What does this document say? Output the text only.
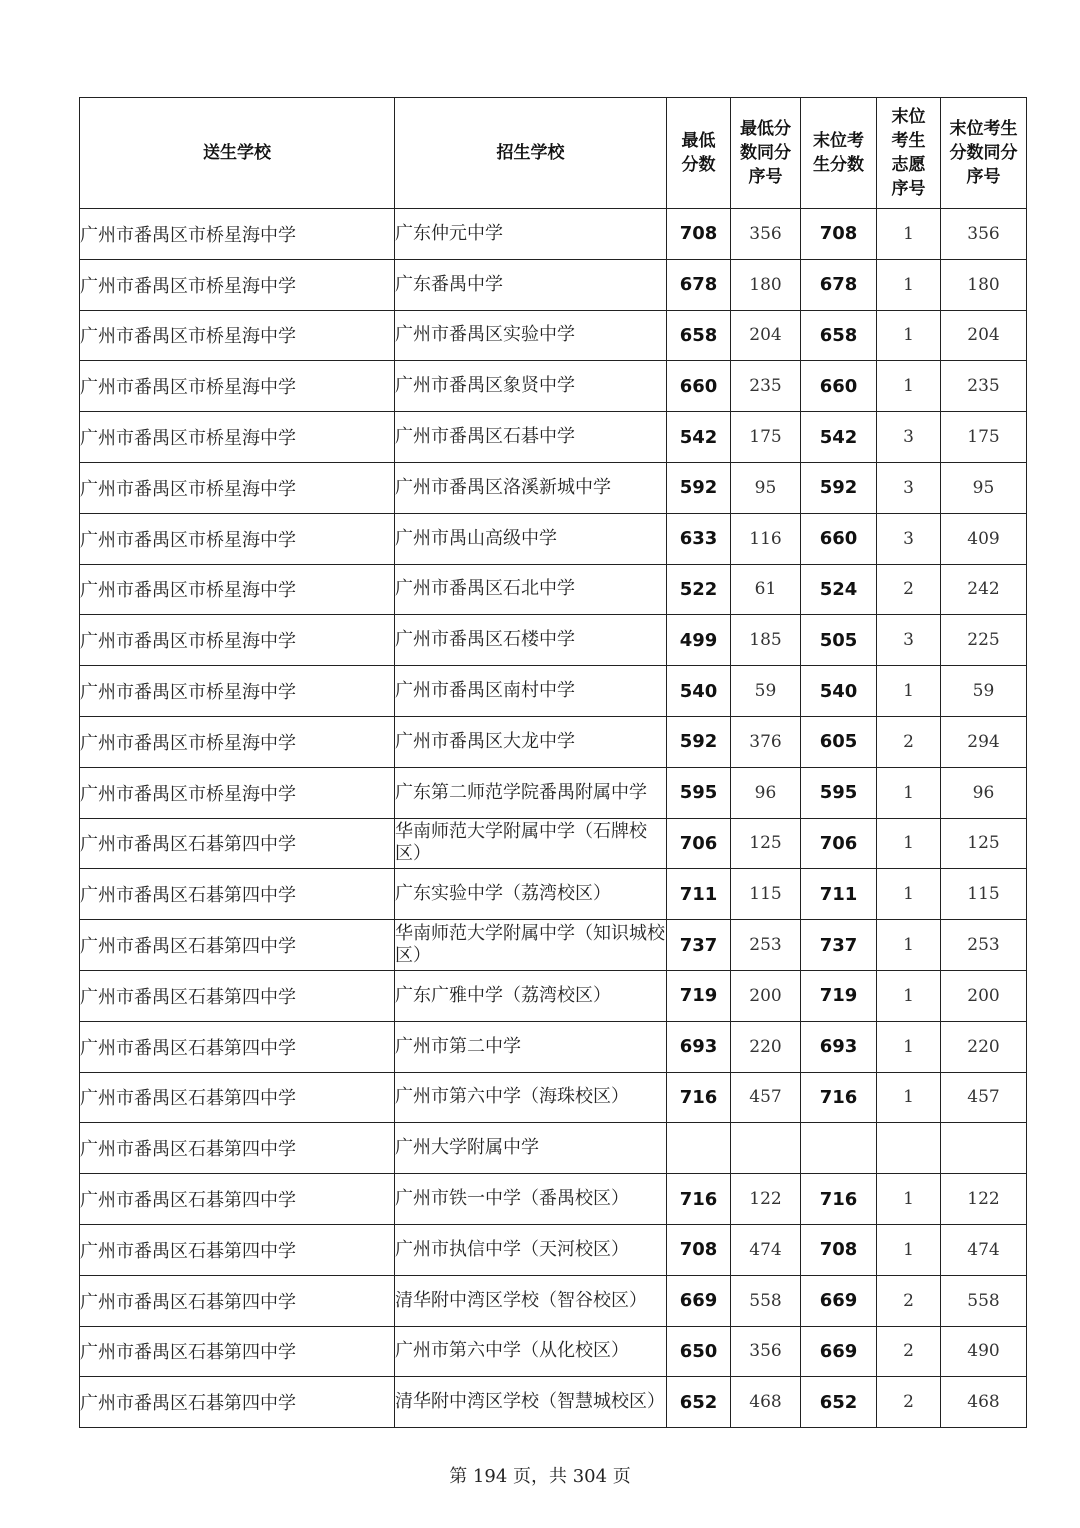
送生学校	招生学校	最低分数	最低分数同分序号	末位考生分数	末位考生志愿序号	末位考生分数同分序号

广州市番禺区市桥星海中学	广东仲元中学	708	356	708	1	356
广州市番禺区市桥星海中学	广东番禺中学	678	180	678	1	180
广州市番禺区市桥星海中学	广州市番禺区实验中学	658	204	658	1	204
广州市番禺区市桥星海中学	广州市番禺区象贤中学	660	235	660	1	235
广州市番禺区市桥星海中学	广州市番禺区石碁中学	542	175	542	3	175
广州市番禺区市桥星海中学	广州市番禺区洛溪新城中学	592	95	592	3	95
广州市番禺区市桥星海中学	广州市禺山高级中学	633	116	660	3	409
广州市番禺区市桥星海中学	广州市番禺区石北中学	522	61	524	2	242
广州市番禺区市桥星海中学	广州市番禺区石楼中学	499	185	505	3	225
广州市番禺区市桥星海中学	广州市番禺区南村中学	540	59	540	1	59
广州市番禺区市桥星海中学	广州市番禺区大龙中学	592	376	605	2	294
广州市番禺区市桥星海中学	广东第二师范学院番禺附属中学	595	96	595	1	96
广州市番禺区石碁第四中学	华南师范大学附属中学（石牌校区）	706	125	706	1	125
广州市番禺区石碁第四中学	广东实验中学（荔湾校区）	711	115	711	1	115
广州市番禺区石碁第四中学	华南师范大学附属中学（知识城校区）	737	253	737	1	253
广州市番禺区石碁第四中学	广东广雅中学（荔湾校区）	719	200	719	1	200
广州市番禺区石碁第四中学	广州市第二中学	693	220	693	1	220
广州市番禺区石碁第四中学	广州市第六中学（海珠校区）	716	457	716	1	457
广州市番禺区石碁第四中学	广州大学附属中学					
广州市番禺区石碁第四中学	广州市铁一中学（番禺校区）	716	122	716	1	122
广州市番禺区石碁第四中学	广州市执信中学（天河校区）	708	474	708	1	474
广州市番禺区石碁第四中学	清华附中湾区学校（智谷校区）	669	558	669	2	558
广州市番禺区石碁第四中学	广州市第六中学（从化校区）	650	356	669	2	490
广州市番禺区石碁第四中学	清华附中湾区学校（智慧城校区）	652	468	652	2	468
第 194 页，共 304 页
